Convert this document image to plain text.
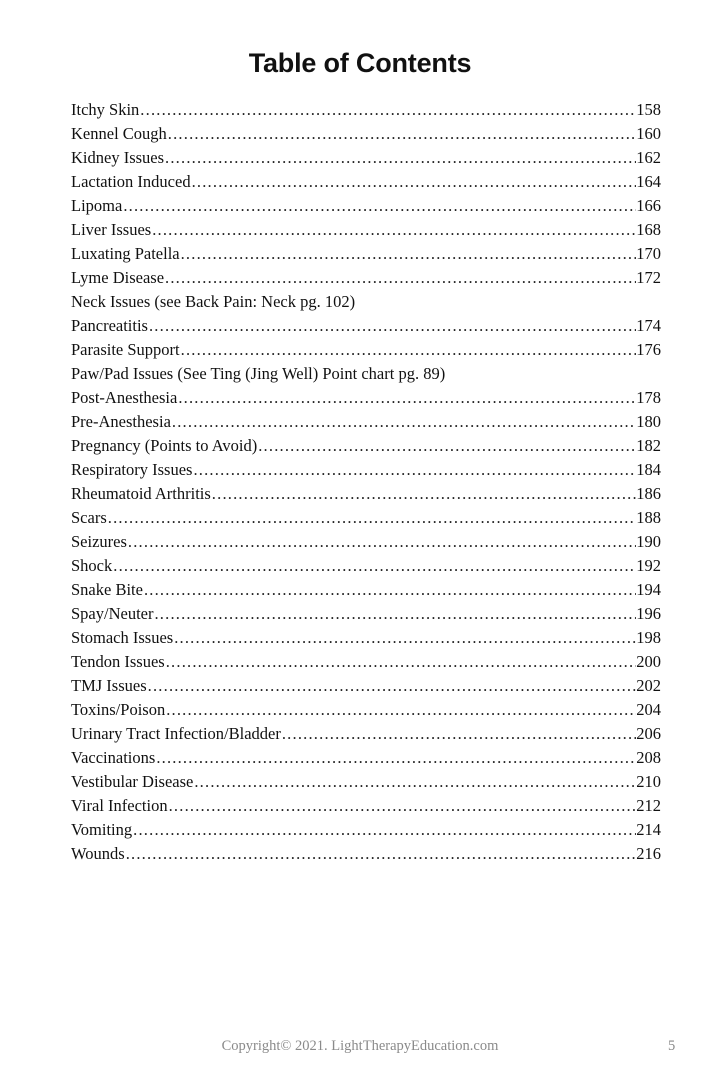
Table of Contents
Itchy Skin .....	158
Kennel Cough .....	160
Kidney Issues .....	162
Lactation Induced .....	164
Lipoma .....	166
Liver Issues .....	168
Luxating Patella .....	170
Lyme Disease .....	172
Neck Issues (see Back Pain: Neck pg. 102)
Pancreatitis .....	174
Parasite Support .....	176
Paw/Pad Issues (See Ting (Jing Well) Point chart pg. 89)
Post-Anesthesia .....	178
Pre-Anesthesia .....	180
Pregnancy (Points to Avoid) .....	182
Respiratory Issues .....	184
Rheumatoid Arthritis .....	186
Scars .....	188
Seizures .....	190
Shock .....	192
Snake Bite .....	194
Spay/Neuter .....	196
Stomach Issues .....	198
Tendon Issues .....	200
TMJ Issues .....	202
Toxins/Poison .....	204
Urinary Tract Infection/Bladder .....	206
Vaccinations .....	208
Vestibular Disease .....	210
Viral Infection .....	212
Vomiting .....	214
Wounds .....	216
Copyright© 2021. LightTherapyEducation.com	5
